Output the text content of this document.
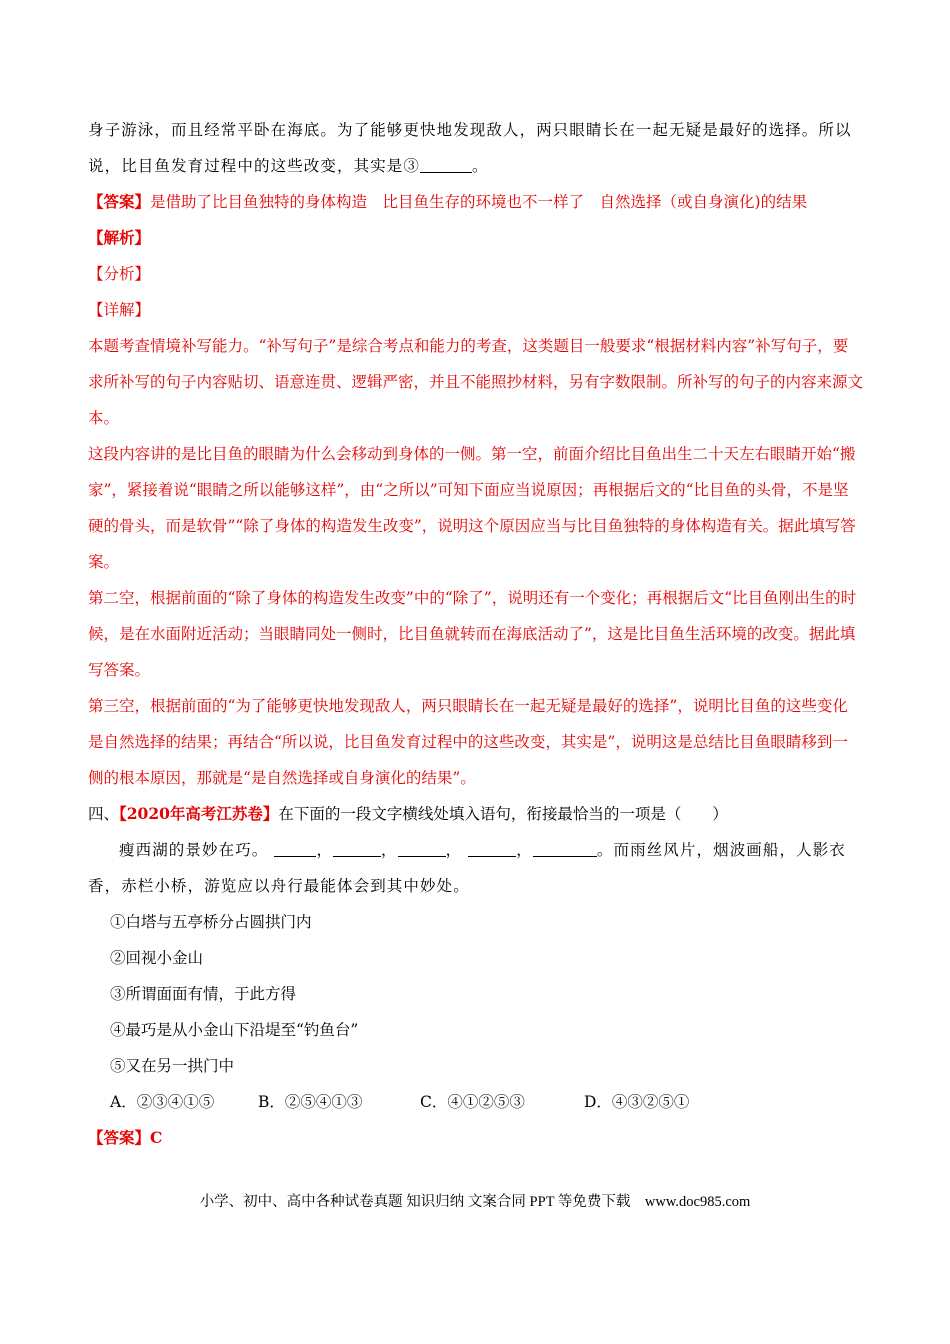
身子游泳，而且经常平卧在海底。为了能够更快地发现敌人，两只眼睛长在一起无疑是最好的选择。所以

说，比目鱼发育过程中的这些改变，其实是③	。

【答案】是借助了比目鱼独特的身体构造　比目鱼生存的环境也不一样了　自然选择（或自身演化)的结果

【解析】

【分析】

【详解】

本题考查情境补写能力。“补写句子”是综合考点和能力的考查，这类题目一般要求“根据材料内容”补写句子，要求所补写的句子内容贴切、语意连贯、逻辑严密，并且不能照抄材料，另有字数限制。所补写的句子的内容来源文本。

这段内容讲的是比目鱼的眼睛为什么会移动到身体的一侧。第一空，前面介绍比目鱼出生二十天左右眼睛开始“搬家”，紧接着说“眼睛之所以能够这样”，由“之所以”可知下面应当说原因；再根据后文的“比目鱼的头骨，不是坚硬的骨头，而是软骨”“除了身体的构造发生改变”，说明这个原因应当与比目鱼独特的身体构造有关。据此填写答案。

第二空，根据前面的“除了身体的构造发生改变”中的“除了”，说明还有一个变化；再根据后文“比目鱼刚出生的时候，是在水面附近活动；当眼睛同处一侧时，比目鱼就转而在海底活动了”，这是比目鱼生活环境的改变。据此填写答案。

第三空，根据前面的“为了能够更快地发现敌人，两只眼睛长在一起无疑是最好的选择”，说明比目鱼的这些变化是自然选择的结果；再结合“所以说，比目鱼发育过程中的这些改变，其实是”，说明这是总结比目鱼眼睛移到一侧的根本原因，那就是“是自然选择或自身演化的结果”。

四、【2020年高考江苏卷】在下面的一段文字横线处填入语句，衔接最恰当的一项是（　　）

瘦西湖的景妙在巧。	，	，	，	，	。而雨丝风片，烟波画船，人影衣香，赤栏小桥，游览应以舟行最能体会到其中妙处。

①白塔与五亭桥分占圆拱门内

②回视小金山

③所谓面面有情，于此方得

④最巧是从小金山下沿堤至“钓鱼台”

⑤又在另一拱门中

A．②③④①⑤	B．②⑤④①③	C．④①②⑤③	D．④③②⑤①

【答案】C

小学、初中、高中各种试卷真题 知识归纳 文案合同 PPT 等免费下载　www.doc985.com
